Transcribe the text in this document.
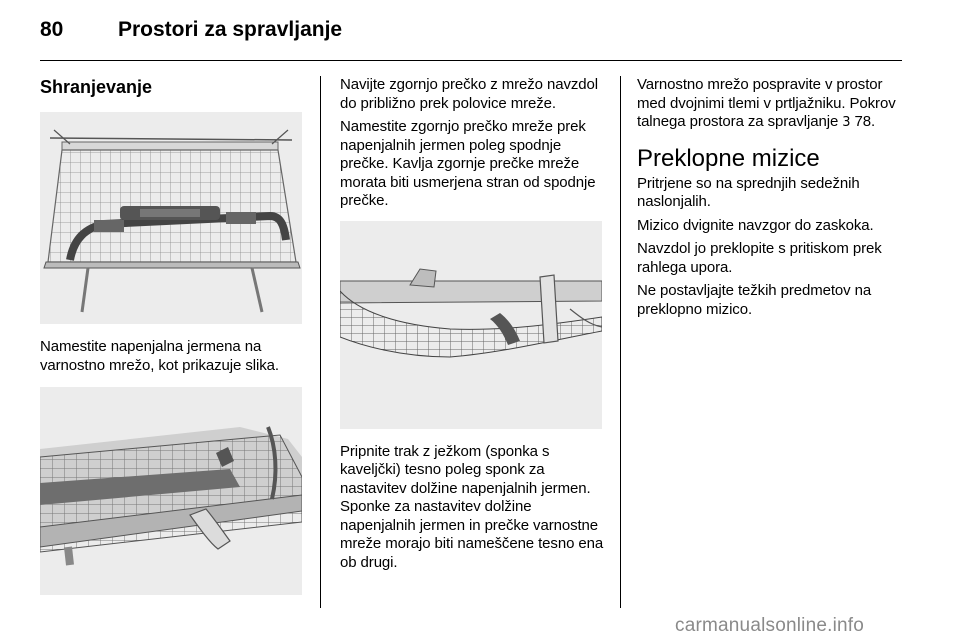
80	Prostori za spravljanje
Shranjevanje

Namestite napenjalna jermena na varnostno mrežo, kot prikazuje slika.

Navijte zgornjo prečko z mrežo navzdol do približno prek polovice mreže.

Namestite zgornjo prečko mreže prek napenjalnih jermen poleg spodnje prečke. Kavlja zgornje prečke mreže morata biti usmerjena stran od spodnje prečke.

Pripnite trak z ježkom (sponka s kaveljčki) tesno poleg sponk za nastavitev dolžine napenjalnih jermen. Sponke za nastavitev dolžine napenjalnih jermen in prečke varnostne mreže morajo biti nameščene tesno ena ob drugi.

Varnostno mrežo pospravite v prostor med dvojnimi tlemi v prtljažniku. Pokrov talnega prostora za spravljanje 3 78.

Preklopne mizice

Pritrjene so na sprednjih sedežnih naslonjalih.

Mizico dvignite navzgor do zaskoka.

Navzdol jo preklopite s pritiskom prek rahlega upora.

Ne postavljajte težkih predmetov na preklopno mizico.

carmanualsonline.info
